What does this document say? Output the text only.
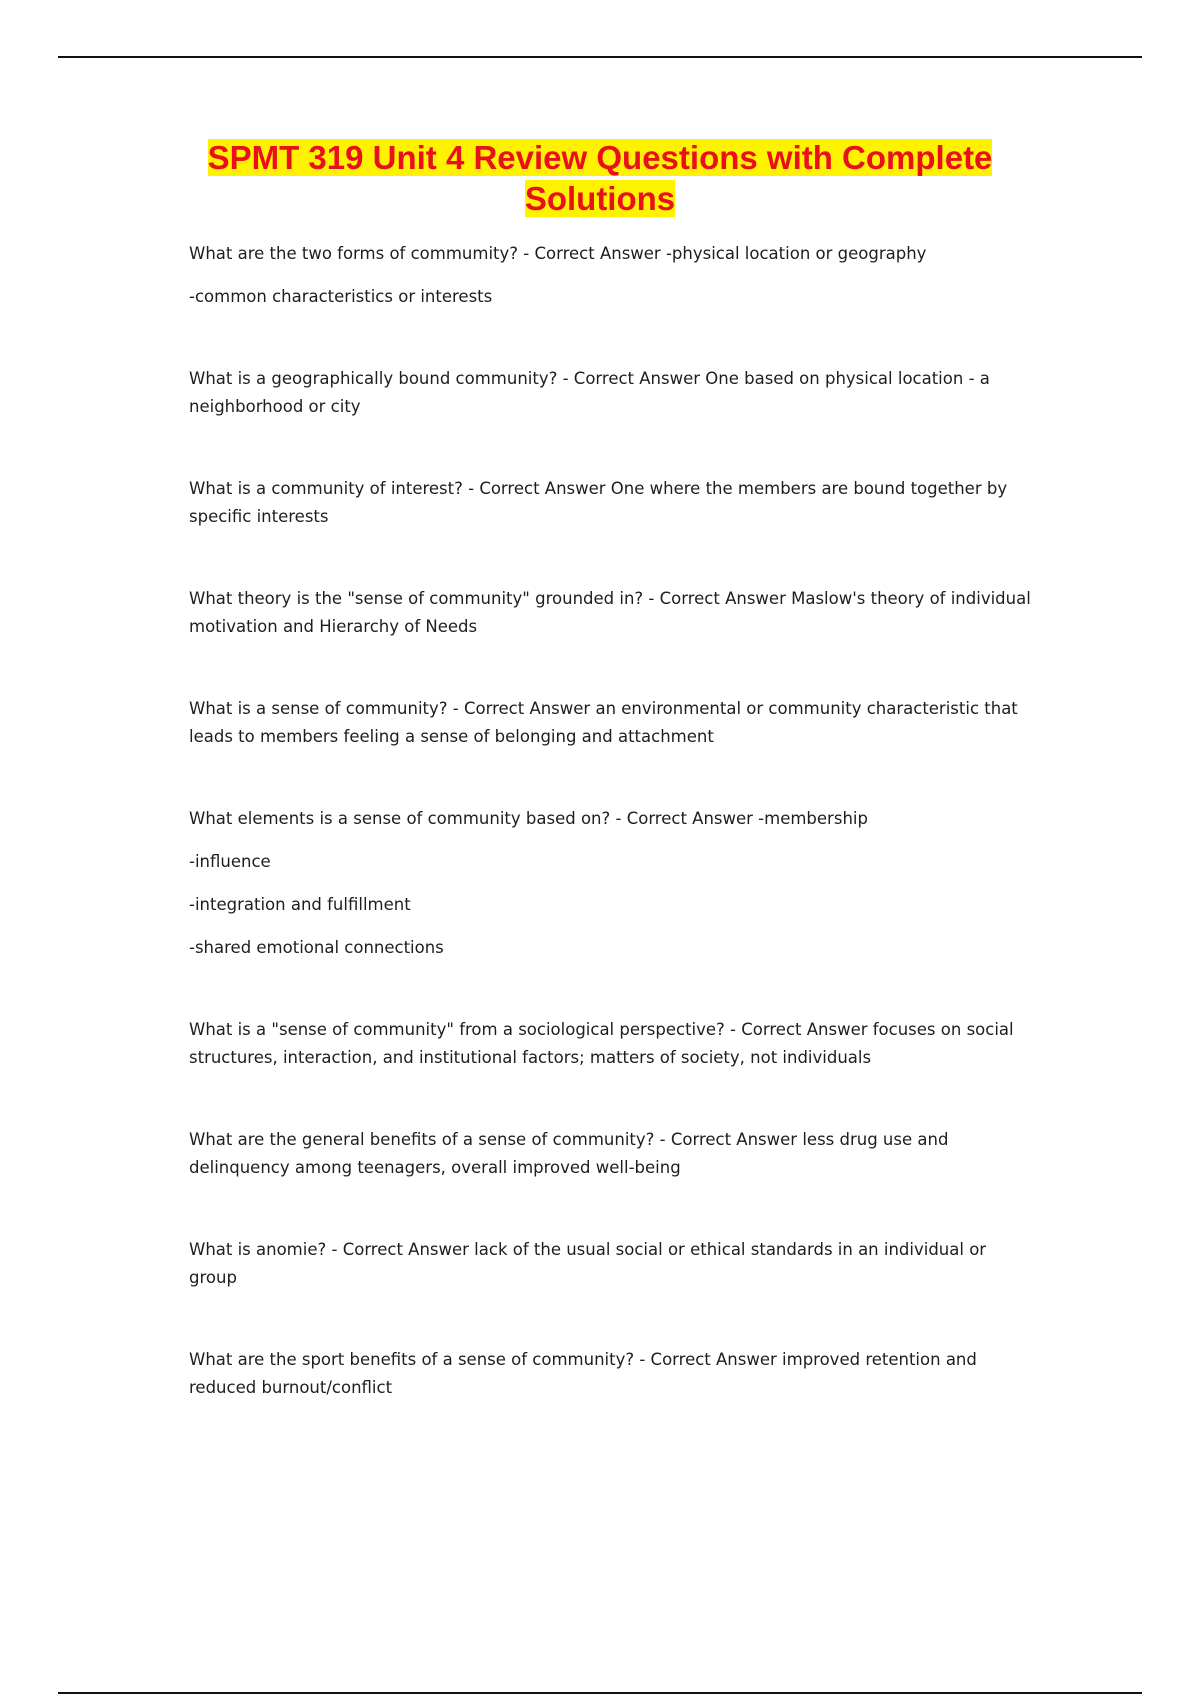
SPMT 319 Unit 4 Review Questions with Complete
Solutions

What are the two forms of commumity? - Correct Answer -physical location or geography

-common characteristics or interests

What is a geographically bound community? - Correct Answer One based on physical location - a neighborhood or city

What is a community of interest? - Correct Answer One where the members are bound together by specific interests

What theory is the "sense of community" grounded in? - Correct Answer Maslow's theory of individual motivation and Hierarchy of Needs

What is a sense of community? - Correct Answer an environmental or community characteristic that leads to members feeling a sense of belonging and attachment

What elements is a sense of community based on? - Correct Answer -membership

-influence

-integration and fulfillment

-shared emotional connections

What is a "sense of community" from a sociological perspective? - Correct Answer focuses on social structures, interaction, and institutional factors; matters of society, not individuals

What are the general benefits of a sense of community? - Correct Answer less drug use and delinquency among teenagers, overall improved well-being

What is anomie? - Correct Answer lack of the usual social or ethical standards in an individual or group

What are the sport benefits of a sense of community? - Correct Answer improved retention and reduced burnout/conflict
